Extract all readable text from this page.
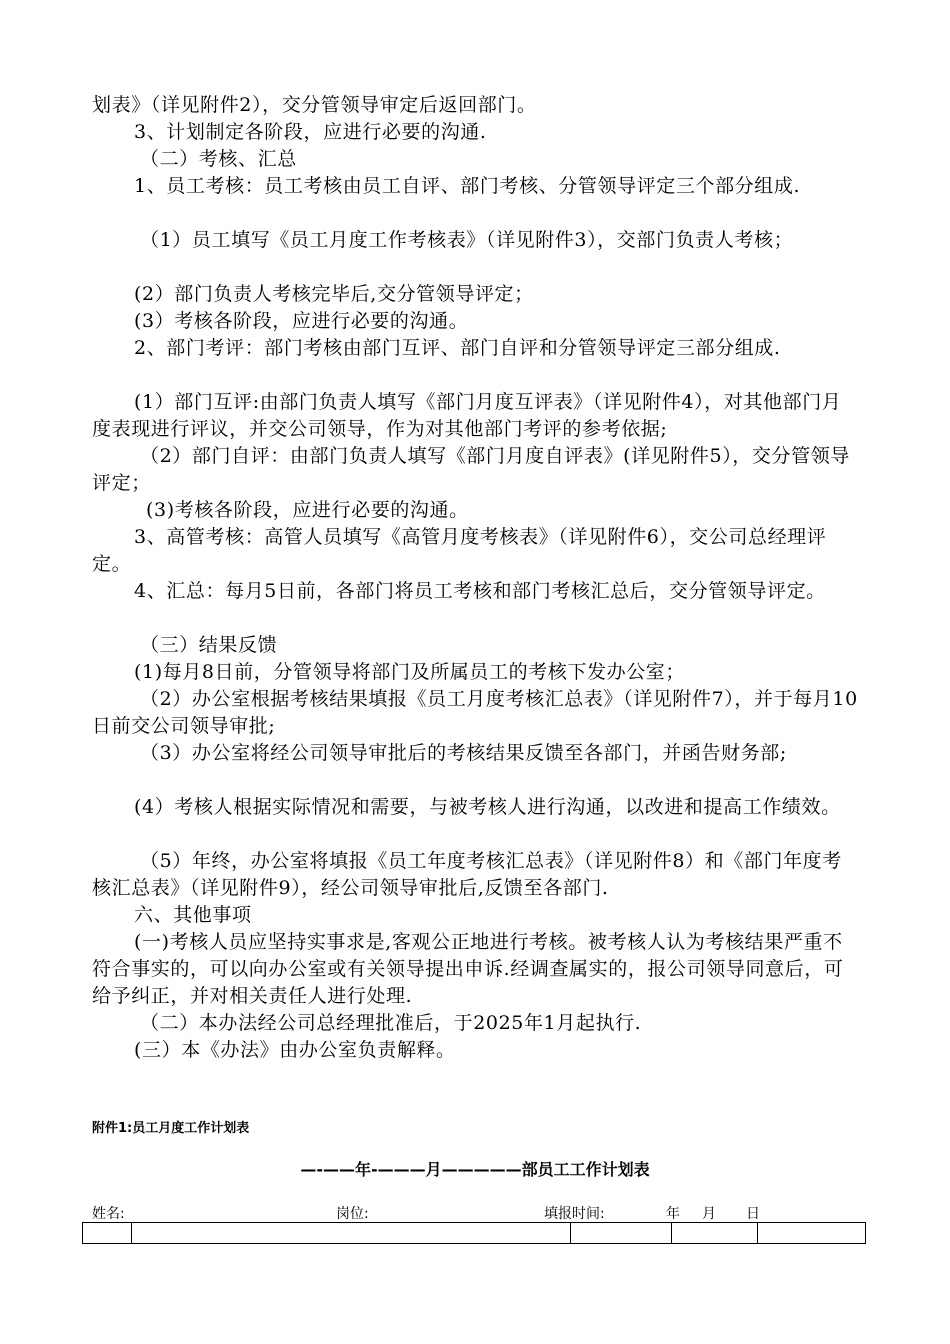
划表》（详见附件2），交分管领导审定后返回部门。

3、计划制定各阶段，应进行必要的沟通.

（二）考核、汇总

1、员工考核：员工考核由员工自评、部门考核、分管领导评定三个部分组成.

（1）员工填写《员工月度工作考核表》（详见附件3），交部门负责人考核；

(2）部门负责人考核完毕后,交分管领导评定；

(3）考核各阶段，应进行必要的沟通。

2、部门考评：部门考核由部门互评、部门自评和分管领导评定三部分组成.

(1）部门互评:由部门负责人填写《部门月度互评表》（详见附件4），对其他部门月度表现进行评议，并交公司领导，作为对其他部门考评的参考依据;

（2）部门自评：由部门负责人填写《部门月度自评表》(详见附件5），交分管领导评定；

(3)考核各阶段，应进行必要的沟通。

3、高管考核：高管人员填写《高管月度考核表》（详见附件6），交公司总经理评定。

4、汇总：每月5日前，各部门将员工考核和部门考核汇总后，交分管领导评定。

（三）结果反馈

(1)每月8日前，分管领导将部门及所属员工的考核下发办公室；

（2）办公室根据考核结果填报《员工月度考核汇总表》（详见附件7），并于每月10日前交公司领导审批;

（3）办公室将经公司领导审批后的考核结果反馈至各部门，并函告财务部;

(4）考核人根据实际情况和需要，与被考核人进行沟通，以改进和提高工作绩效。

（5）年终，办公室将填报《员工年度考核汇总表》（详见附件8）和《部门年度考核汇总表》（详见附件9），经公司领导审批后,反馈至各部门.

六、其他事项

(一)考核人员应坚持实事求是,客观公正地进行考核。被考核人认为考核结果严重不符合事实的，可以向办公室或有关领导提出申诉.经调查属实的，报公司领导同意后，可给予纠正，并对相关责任人进行处理.

（二）本办法经公司总经理批准后，于2025年1月起执行.

(三）本《办法》由办公室负责解释。

附件1:员工月度工作计划表

—-——年-———月—————部员工工作计划表

姓名:	岗位:	填报时间:	年 月 日
